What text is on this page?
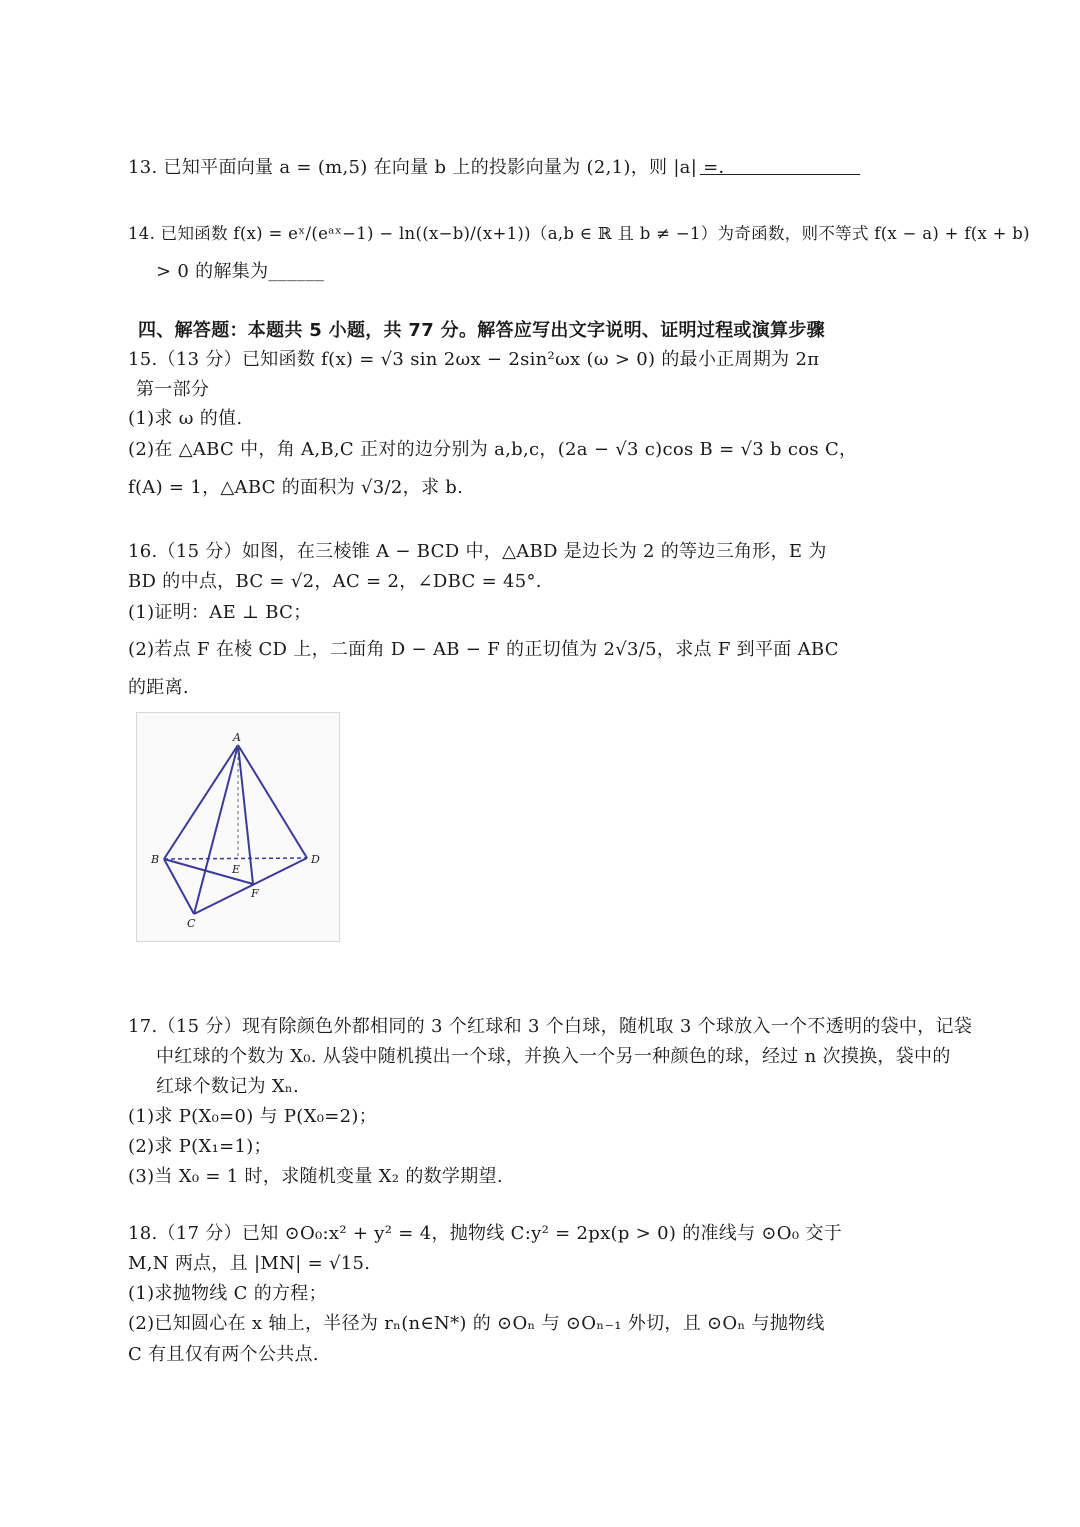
13. 已知平面向量 a = (m,5) 在向量 b 上的投影向量为 (2,1)，则 |a| =．
14. 已知函数 f(x) = eˣ/(eᵃˣ−1) − ln((x−b)/(x+1))（a,b ∈ ℝ 且 b ≠ −1）为奇函数，则不等式 f(x − a) + f(x + b)
> 0 的解集为______
四、解答题：本题共 5 小题，共 77 分。解答应写出文字说明、证明过程或演算步骤
15.（13 分）已知函数 f(x) = √3 sin 2ωx − 2sin²ωx (ω > 0) 的最小正周期为 2π
第一部分
(1)求 ω 的值.
(2)在 △ABC 中，角 A,B,C 正对的边分别为 a,b,c，(2a − √3 c)cos B = √3 b cos C，
f(A) = 1，△ABC 的面积为 √3/2，求 b.
16.（15 分）如图，在三棱锥 A − BCD 中，△ABD 是边长为 2 的等边三角形，E 为
BD 的中点，BC = √2，AC = 2，∠DBC = 45°.
(1)证明：AE ⊥ BC；
(2)若点 F 在棱 CD 上，二面角 D − AB − F 的正切值为 2√3/5，求点 F 到平面 ABC
的距离.
A
B
C
D
E
F
17.（15 分）现有除颜色外都相同的 3 个红球和 3 个白球，随机取 3 个球放入一个不透明的袋中，记袋
中红球的个数为 X₀. 从袋中随机摸出一个球，并换入一个另一种颜色的球，经过 n 次摸换，袋中的
红球个数记为 Xₙ.
(1)求 P(X₀=0) 与 P(X₀=2)；
(2)求 P(X₁=1)；
(3)当 X₀ = 1 时，求随机变量 X₂ 的数学期望.
18.（17 分）已知 ⊙O₀:x² + y² = 4，抛物线 C:y² = 2px(p > 0) 的准线与 ⊙O₀ 交于
M,N 两点，且 |MN| = √15.
(1)求抛物线 C 的方程；
(2)已知圆心在 x 轴上，半径为 rₙ(n∈N*) 的 ⊙Oₙ 与 ⊙Oₙ₋₁ 外切，且 ⊙Oₙ 与抛物线
C 有且仅有两个公共点.
